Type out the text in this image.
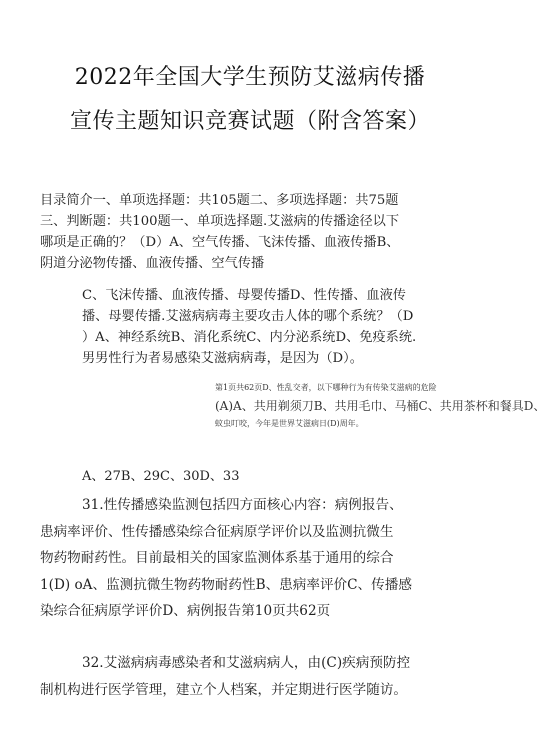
2022年全国大学生预防艾滋病传播
宣传主题知识竞赛试题（附含答案）
目录简介一、单项选择题：共105题二、多项选择题：共75题
三、判断题：共100题一、单项选择题.艾滋病的传播途径以下
哪项是正确的？（D）A、空气传播、飞沫传播、血液传播B、
阴道分泌物传播、血液传播、空气传播
C、飞沫传播、血液传播、母婴传播D、性传播、血液传
播、母婴传播.艾滋病病毒主要攻击人体的哪个系统？（D
）A、神经系统B、消化系统C、内分泌系统D、免疫系统.
男男性行为者易感染艾滋病病毒，是因为（D）。
第1页共62页D、性乱交者，以下哪种行为有传染艾滋病的危险
(A)A、共用剃须刀B、共用毛巾、马桶C、共用茶杯和餐具D、
蚊虫叮咬，今年是世界艾滋病日(D)周年。
A、27B、29C、30D、33
31.性传播感染监测包括四方面核心内容：病例报告、
患病率评价、性传播感染综合征病原学评价以及监测抗微生
物药物耐药性。目前最相关的国家监测体系基于通用的综合
1(D) oA、监测抗微生物药物耐药性B、患病率评价C、传播感
染综合征病原学评价D、病例报告第10页共62页
32.艾滋病病毒感染者和艾滋病病人，由(C)疾病预防控
制机构进行医学管理，建立个人档案，并定期进行医学随访。
